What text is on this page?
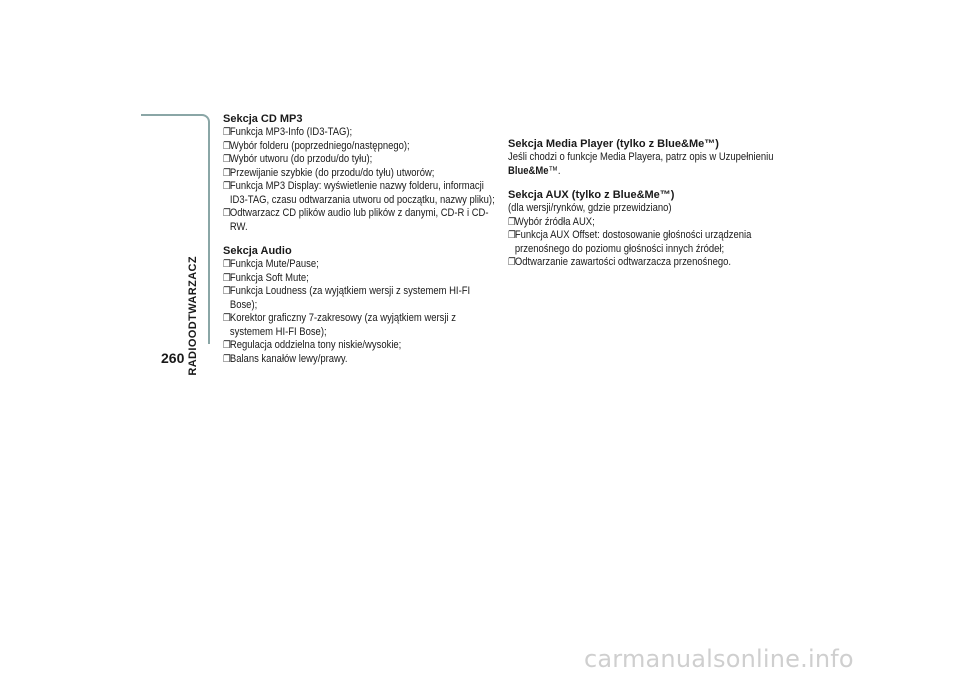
RADIOODTWARZACZ
260
Sekcja CD MP3
❐ Funkcja MP3-Info (ID3-TAG);
❐ Wybór folderu (poprzedniego/następnego);
❐ Wybór utworu (do przodu/do tyłu);
❐ Przewijanie szybkie (do przodu/do tyłu) utworów;
❐ Funkcja MP3 Display: wyświetlenie nazwy folderu, informacji ID3-TAG, czasu odtwarzania utworu od początku, nazwy pliku);
❐ Odtwarzacz CD plików audio lub plików z danymi, CD-R i CD-RW.
Sekcja Audio
❐ Funkcja Mute/Pause;
❐ Funkcja Soft Mute;
❐ Funkcja Loudness (za wyjątkiem wersji z systemem HI-FI Bose);
❐ Korektor graficzny 7-zakresowy (za wyjątkiem wersji z systemem HI-FI Bose);
❐ Regulacja oddzielna tony niskie/wysokie;
❐ Balans kanałów lewy/prawy.
Sekcja Media Player (tylko z Blue&Me™)

Jeśli chodzi o funkcje Media Playera, patrz opis w Uzupełnieniu
Blue&Me™.

Sekcja AUX (tylko z Blue&Me™)

(dla wersji/rynków, gdzie przewidziano)

❐ Wybór źródła AUX;
❐ Funkcja AUX Offset: dostosowanie głośności urządzenia przenośnego do poziomu głośności innych źródeł;
❐ Odtwarzanie zawartości odtwarzacza przenośnego.
carmanualsonline.info
